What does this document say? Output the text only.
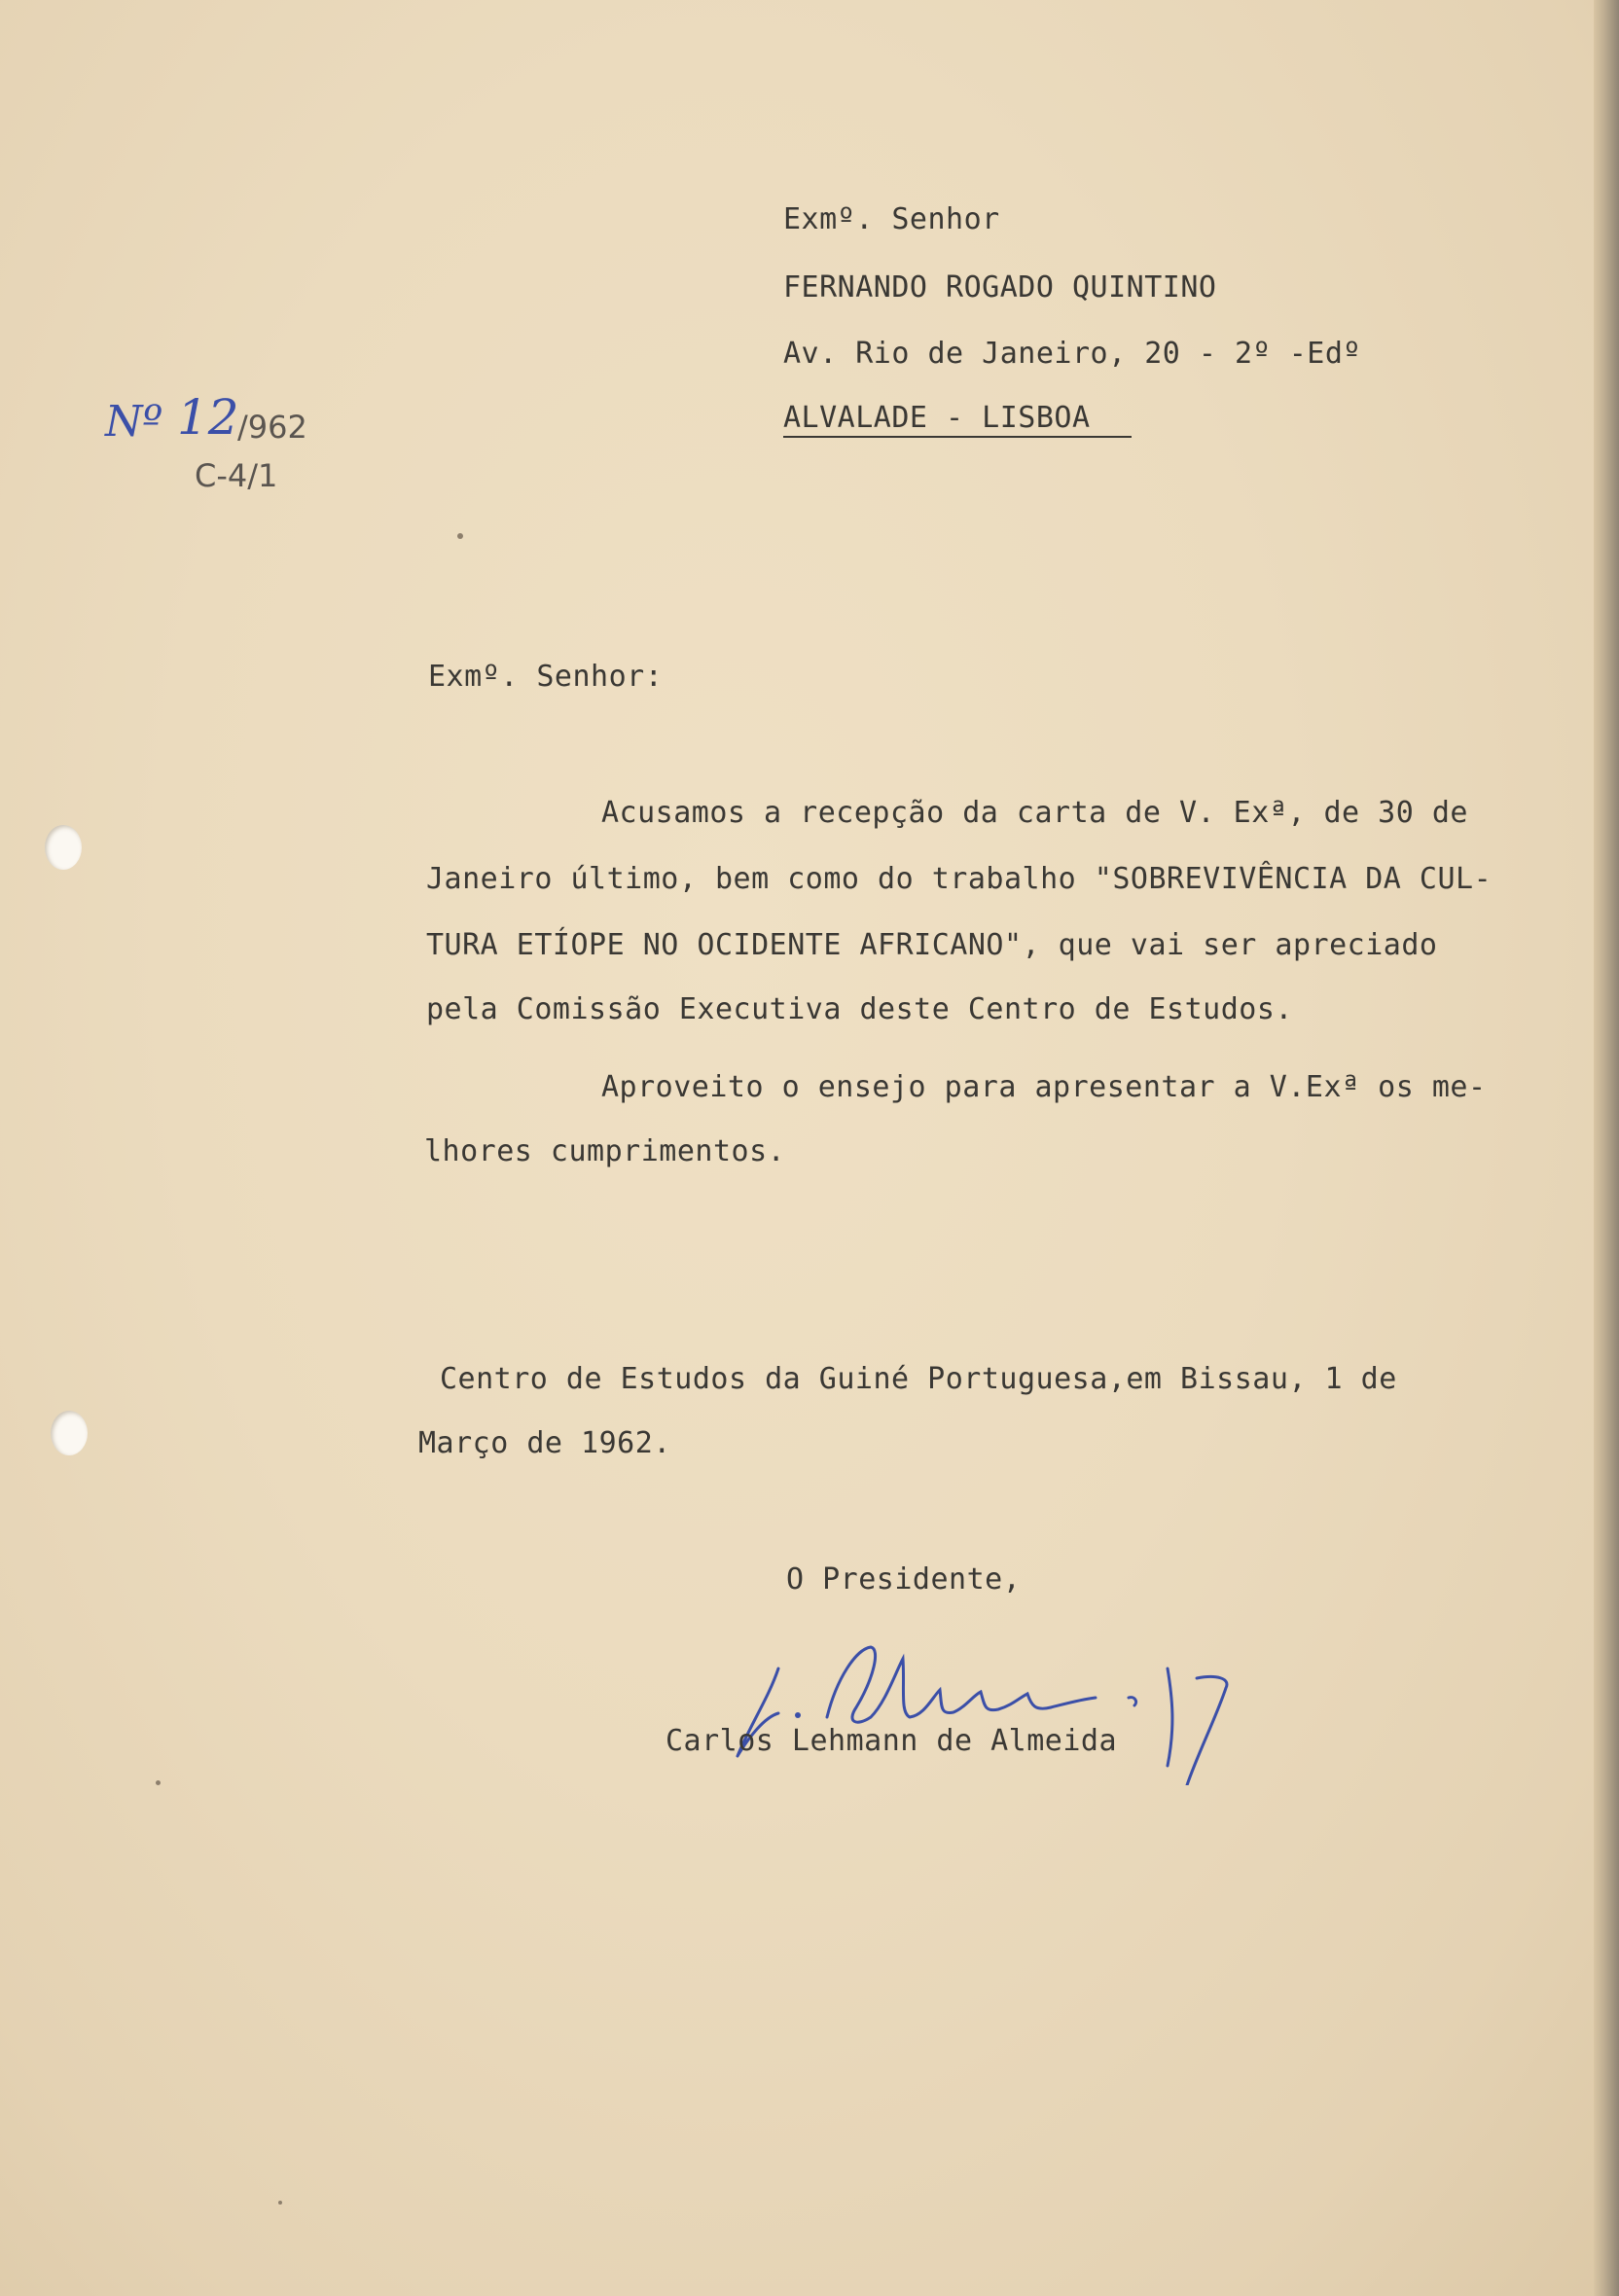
Nº 12
/962
C-4/1
Exmº. Senhor
FERNANDO ROGADO QUINTINO
Av. Rio de Janeiro, 20 - 2º -Edº
ALVALADE - LISBOA
Exmº. Senhor:
Acusamos a recepção da carta de V. Exª, de 30 de
Janeiro último, bem como do trabalho "SOBREVIVÊNCIA DA CUL-
TURA ETÍOPE NO OCIDENTE AFRICANO", que vai ser apreciado
pela Comissão Executiva deste Centro de Estudos.
Aproveito o ensejo para apresentar a V.Exª os me-
lhores cumprimentos.
Centro de Estudos da Guiné Portuguesa,em Bissau, 1 de
Março de 1962.
O Presidente,
Carlos Lehmann de Almeida
